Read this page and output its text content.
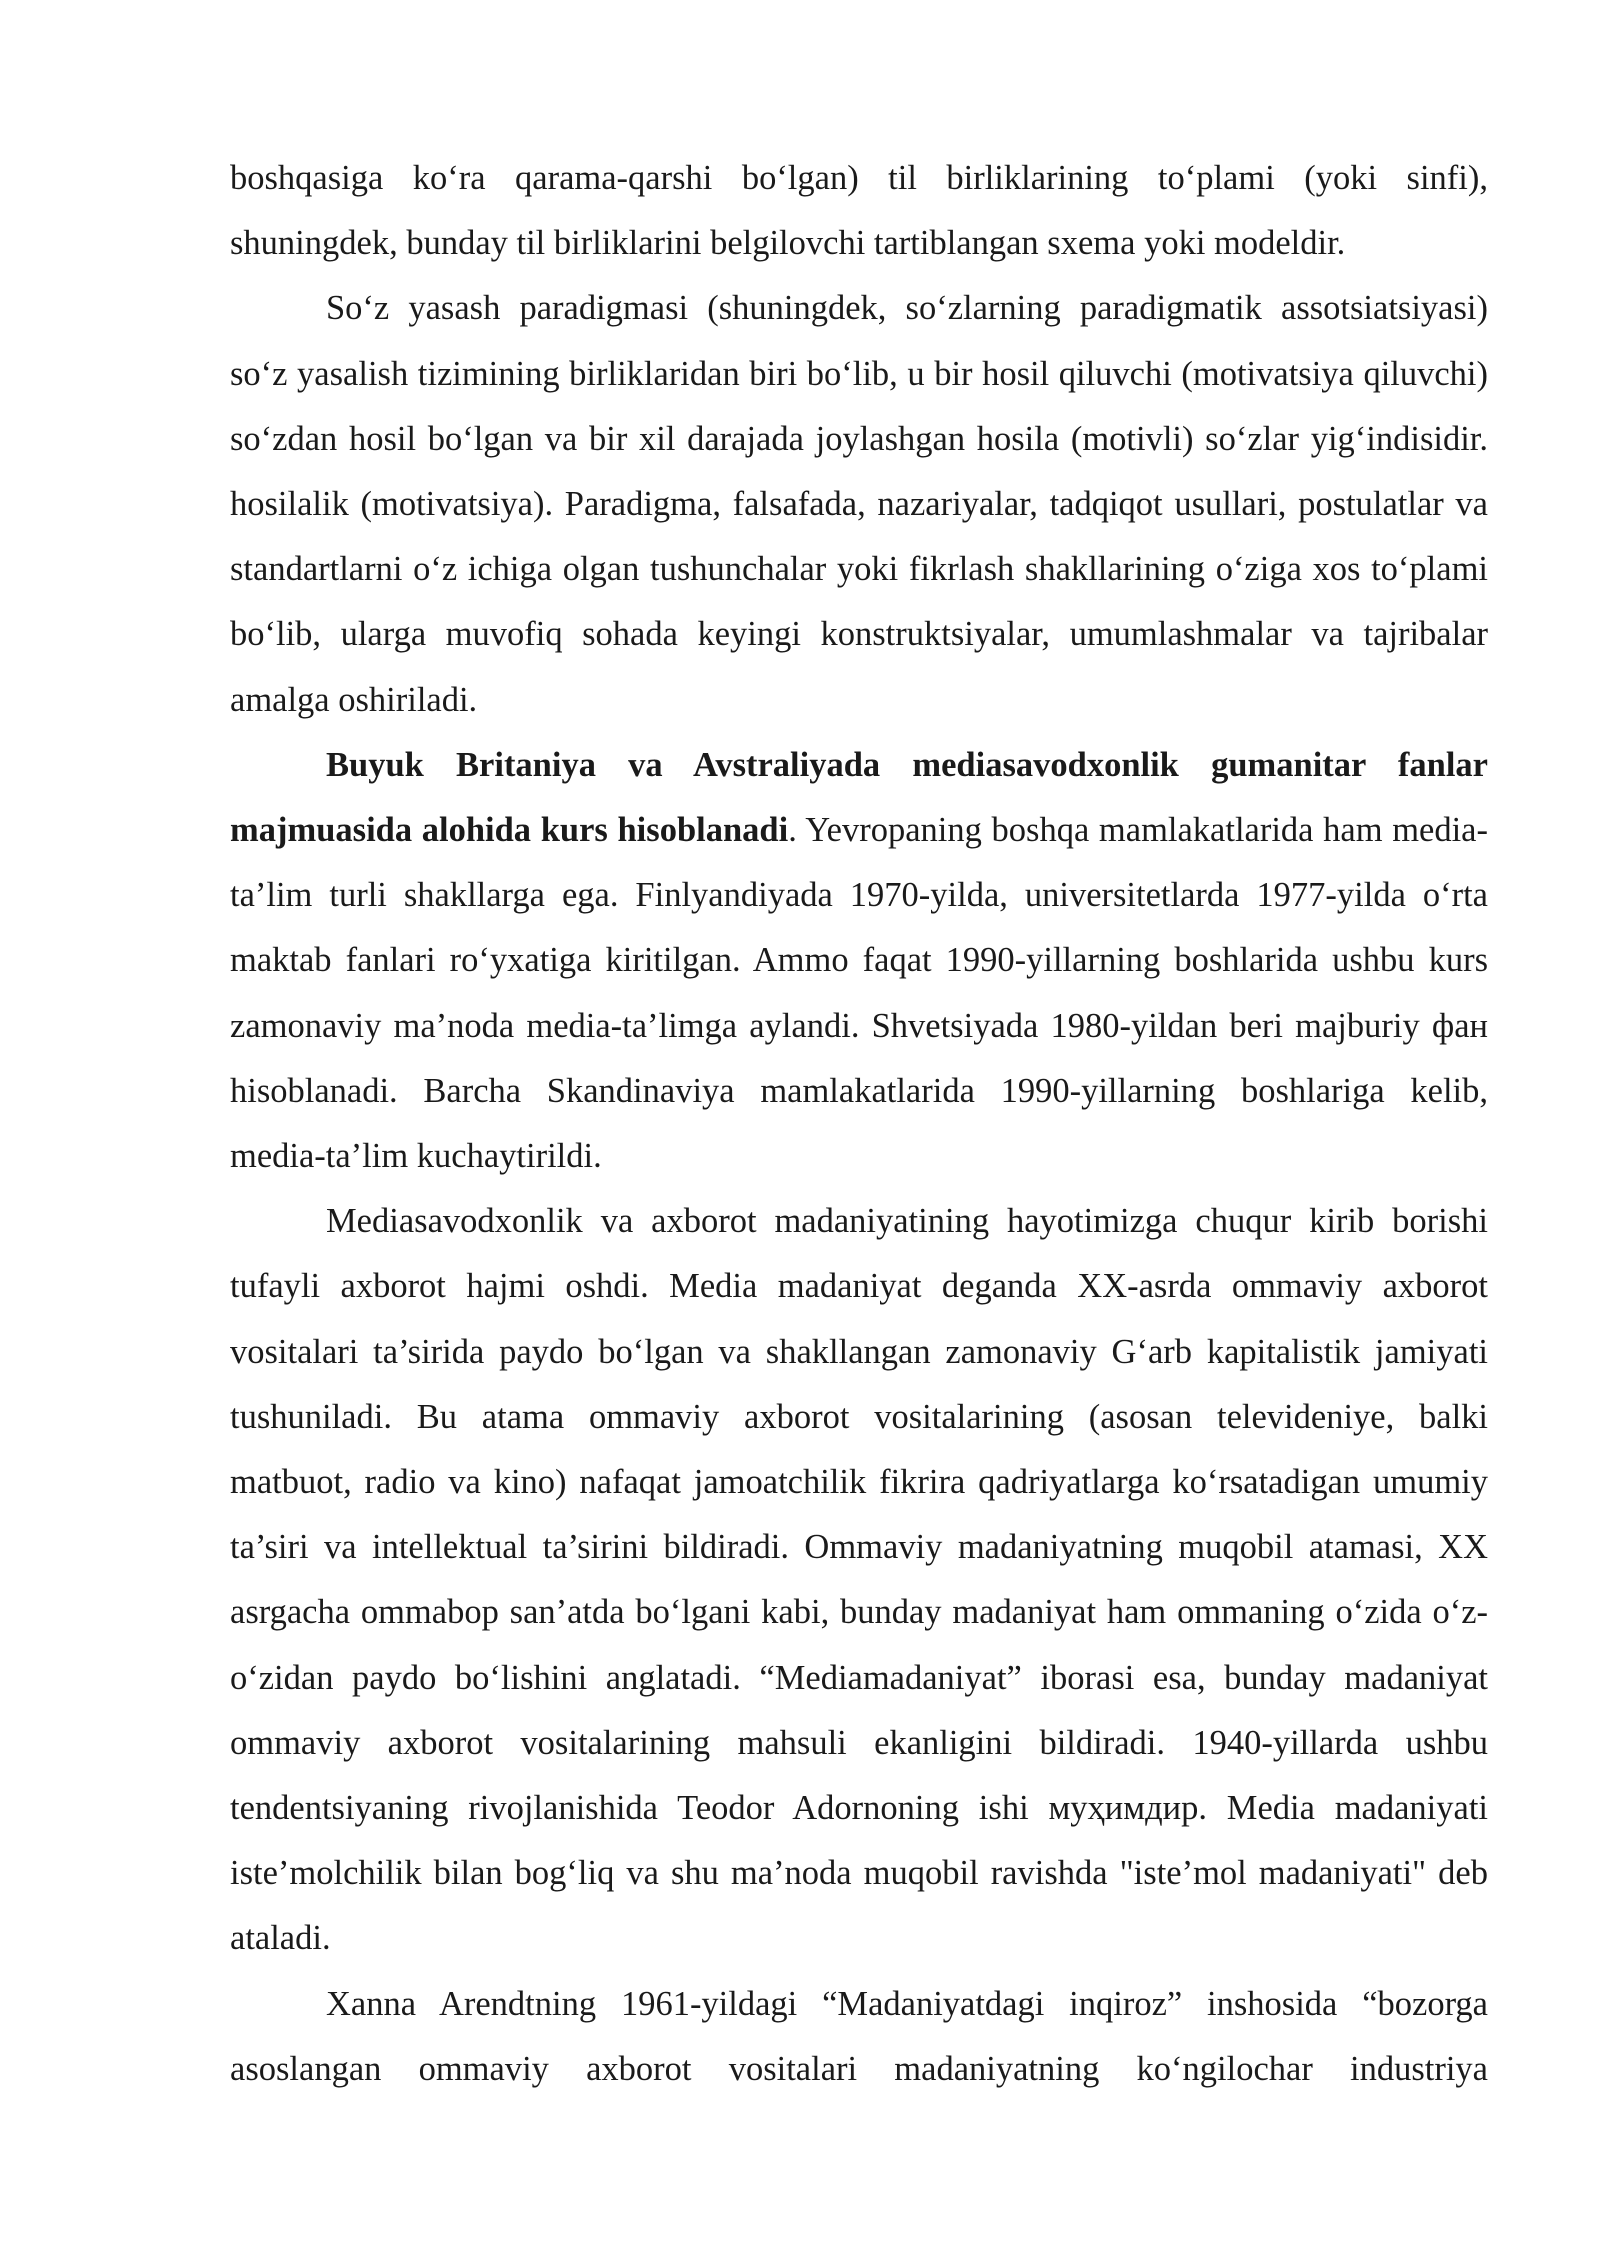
boshqasiga ko‘ra qarama-qarshi bo‘lgan) til birliklarining to‘plami (yoki sinfi), shuningdek, bunday til birliklarini belgilovchi tartiblangan sxema yoki modeldir.

So‘z yasash paradigmasi (shuningdek, so‘zlarning paradigmatik assotsiatsiyasi) so‘z yasalish tizimining birliklaridan biri bo‘lib, u bir hosil qiluvchi (motivatsiya qiluvchi) so‘zdan hosil bo‘lgan va bir xil darajada joylashgan hosila (motivli) so‘zlar yig‘indisidir. hosilalik (motivatsiya). Paradigma, falsafada, nazariyalar, tadqiqot usullari, postulatlar va standartlarni o‘z ichiga olgan tushunchalar yoki fikrlash shakllarining o‘ziga xos to‘plami bo‘lib, ularga muvofiq sohada keyingi konstruktsiyalar, umumlashmalar va tajribalar amalga oshiriladi.

Buyuk Britaniya va Avstraliyada mediasavodxonlik gumanitar fanlar majmuasida alohida kurs hisoblanadi. Yevropaning boshqa mamlakatlarida ham media-ta’lim turli shakllarga ega. Finlyandiyada 1970-yilda, universitetlarda 1977-yilda o‘rta maktab fanlari ro‘yxatiga kiritilgan. Ammo faqat 1990-yillarning boshlarida ushbu kurs zamonaviy ma’noda media-ta’limga aylandi. Shvetsiyada 1980-yildan beri majburiy фан hisoblanadi. Barcha Skandinaviya mamlakatlarida 1990-yillarning boshlariga kelib, media-ta’lim kuchaytirildi.

Mediasavodxonlik va axborot madaniyatining hayotimizga chuqur kirib borishi tufayli axborot hajmi oshdi. Media madaniyat deganda XX-asrda ommaviy axborot vositalari ta’sirida paydo bo‘lgan va shakllangan zamonaviy G‘arb kapitalistik jamiyati tushuniladi. Bu atama ommaviy axborot vositalarining (asosan televideniye, balki matbuot, radio va kino) nafaqat jamoatchilik fikrira qadriyatlarga ko‘rsatadigan umumiy ta’siri va intellektual ta’sirini bildiradi. Ommaviy madaniyatning muqobil atamasi, XX asrgacha ommabop san’atda bo‘lgani kabi, bunday madaniyat ham ommaning o‘zida o‘z-o‘zidan paydo bo‘lishini anglatadi. “Mediamadaniyat” iborasi esa, bunday madaniyat ommaviy axborot vositalarining mahsuli ekanligini bildiradi. 1940-yillarda ushbu tendentsiyaning rivojlanishida Teodor Adornoning ishi муҳимдир. Media madaniyati iste’molchilik bilan bog‘liq va shu ma’noda muqobil ravishda "iste’mol madaniyati" deb ataladi.

Xanna Arendtning 1961-yildagi “Madaniyatdagi inqiroz” inshosida “bozorga asoslangan ommaviy axborot vositalari madaniyatning ko‘ngilochar industriya
